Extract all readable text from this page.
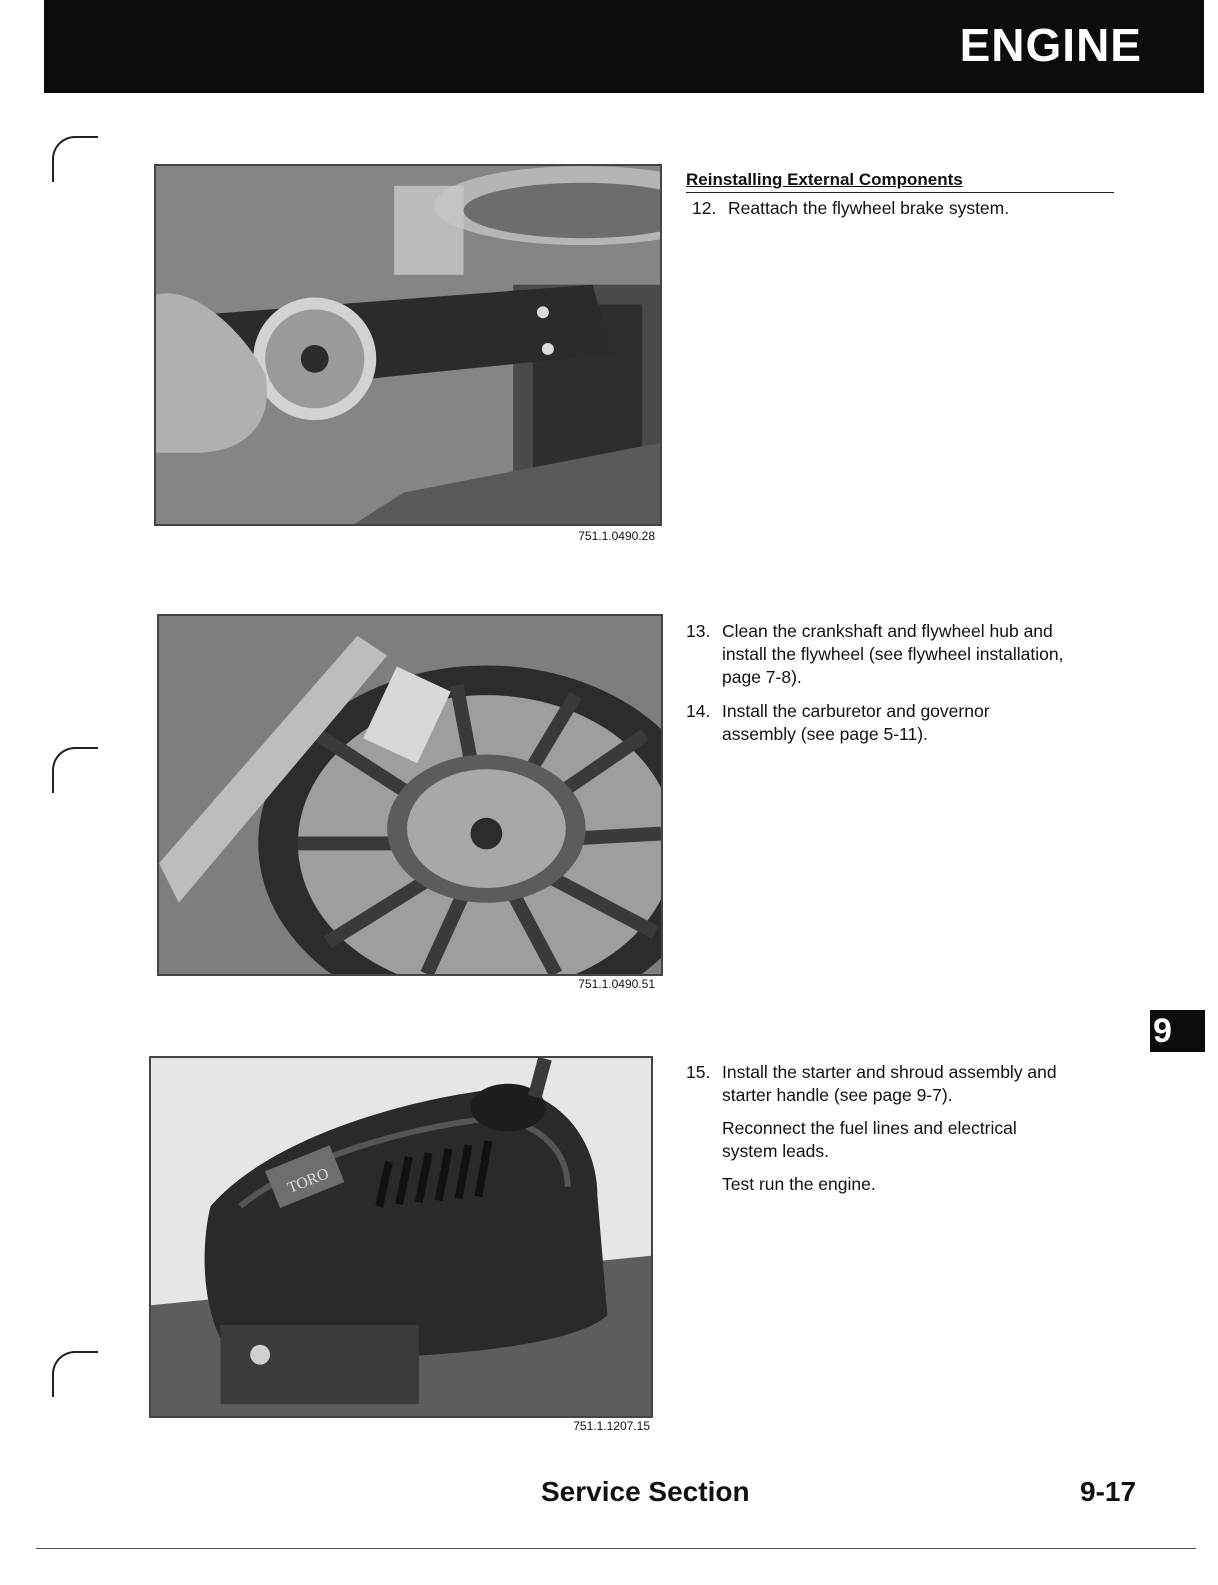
ENGINE
751.1.0490.28
751.1.0490.51
TORO
751.1.1207.15
Reinstalling External Components
12. Reattach the flywheel brake system.
13. Clean the crankshaft and flywheel hub and
install the flywheel (see flywheel installation,
page 7-8).
14. Install the carburetor and governor
assembly (see page 5-11).
15. Install the starter and shroud assembly and
starter handle (see page 9-7).
Reconnect the fuel lines and electrical
system leads.
Test run the engine.
9
Service Section	9-17
